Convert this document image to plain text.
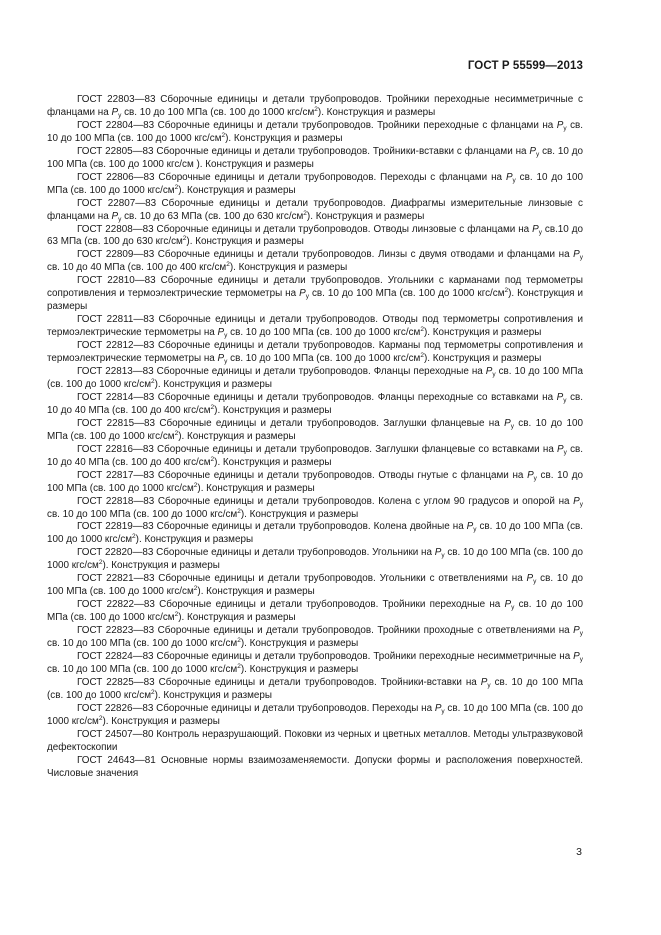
ГОСТ Р 55599—2013

ГОСТ 22803—83 Сборочные единицы и детали трубопроводов. Тройники переходные несимметричные с фланцами на $P_y$ св. 10 до 100 МПа (св. 100 до 1000 кгс/$см^2$). Конструкция и размеры

ГОСТ 22804—83 Сборочные единицы и детали трубопроводов. Тройники переходные с фланцами на $P_y$ св. 10 до 100 МПа (св. 100 до 1000 кгс/$см^2$). Конструкция и размеры

ГОСТ 22805—83 Сборочные единицы и детали трубопроводов. Тройники-вставки с фланцами на $P_y$ св. 10 до 100 МПа (св. 100 до 1000 кгс/см ). Конструкция и размеры

ГОСТ 22806—83 Сборочные единицы и детали трубопроводов. Переходы с фланцами на $P_y$ св. 10 до 100 МПа (св. 100 до 1000 кгс/$см^2$). Конструкция и размеры

ГОСТ 22807—83 Сборочные единицы и детали трубопроводов. Диафрагмы измерительные линзовые с фланцами на $P_y$ св. 10 до 63 МПа (св. 100 до 630 кгс/$см^2$). Конструкция и размеры

ГОСТ 22808—83 Сборочные единицы и детали трубопроводов. Отводы линзовые с фланцами на $P_y$ св.10 до 63 МПа (св. 100 до 630 кгс/$см^2$). Конструкция и размеры

ГОСТ 22809—83 Сборочные единицы и детали трубопроводов. Линзы с двумя отводами и фланцами на $P_y$ св. 10 до 40 МПа (св. 100 до 400 кгс/$см^2$). Конструкция и размеры

ГОСТ 22810—83 Сборочные единицы и детали трубопроводов. Угольники с карманами под термометры сопротивления и термоэлектрические термометры на $P_y$ св. 10 до 100 МПа (св. 100 до 1000 кгс/$см^2$). Конструкция и размеры

ГОСТ 22811—83 Сборочные единицы и детали трубопроводов. Отводы под термометры сопротивления и термоэлектрические термометры на $P_y$ св. 10 до 100 МПа (св. 100 до 1000 кгс/$см^2$). Конструкция и размеры

ГОСТ 22812—83 Сборочные единицы и детали трубопроводов. Карманы под термометры сопротивления и термоэлектрические термометры на $P_y$ св. 10 до 100 МПа (св. 100 до 1000 кгс/$см^2$). Конструкция и размеры

ГОСТ 22813—83 Сборочные единицы и детали трубопроводов. Фланцы переходные на $P_y$ св. 10 до 100 МПа (св. 100 до 1000 кгс/$см^2$). Конструкция и размеры

ГОСТ 22814—83 Сборочные единицы и детали трубопроводов. Фланцы переходные со вставками на $P_y$ св. 10 до 40 МПа (св. 100 до 400 кгс/$см^2$). Конструкция и размеры

ГОСТ 22815—83 Сборочные единицы и детали трубопроводов. Заглушки фланцевые на $P_y$ св. 10 до 100 МПа (св. 100 до 1000 кгс/$см^2$). Конструкция и размеры

ГОСТ 22816—83 Сборочные единицы и детали трубопроводов. Заглушки фланцевые со вставками на $P_y$ св. 10 до 40 МПа (св. 100 до 400 кгс/$см^2$). Конструкция и размеры

ГОСТ 22817—83 Сборочные единицы и детали трубопроводов. Отводы гнутые с фланцами на $P_y$ св. 10 до 100 МПа (св. 100 до 1000 кгс/$см^2$). Конструкция и размеры

ГОСТ 22818—83 Сборочные единицы и детали трубопроводов. Колена с углом 90 градусов и опорой на $P_y$ св. 10 до 100 МПа (св. 100 до 1000 кгс/$см^2$). Конструкция и размеры

ГОСТ 22819—83 Сборочные единицы и детали трубопроводов. Колена двойные на $P_y$ св. 10 до 100 МПа (св. 100 до 1000 кгс/$см^2$). Конструкция и размеры

ГОСТ 22820—83 Сборочные единицы и детали трубопроводов. Угольники на $P_y$ св. 10 до 100 МПа (св. 100 до 1000 кгс/$см^2$). Конструкция и размеры

ГОСТ 22821—83 Сборочные единицы и детали трубопроводов. Угольники с ответвлениями на $P_y$ св. 10 до 100 МПа (св. 100 до 1000 кгс/$см^2$). Конструкция и размеры

ГОСТ 22822—83 Сборочные единицы и детали трубопроводов. Тройники переходные на $P_y$ св. 10 до 100 МПа (св. 100 до 1000 кгс/$см^2$). Конструкция и размеры

ГОСТ 22823—83 Сборочные единицы и детали трубопроводов. Тройники проходные с ответвлениями на $P_y$ св. 10 до 100 МПа (св. 100 до 1000 кгс/$см^2$). Конструкция и размеры

ГОСТ 22824—83 Сборочные единицы и детали трубопроводов. Тройники переходные несимметричные на $P_y$ св. 10 до 100 МПа (св. 100 до 1000 кгс/$см^2$). Конструкция и размеры

ГОСТ 22825—83 Сборочные единицы и детали трубопроводов. Тройники-вставки на $P_y$ св. 10 до 100 МПа (св. 100 до 1000 кгс/$см^2$). Конструкция и размеры

ГОСТ 22826—83 Сборочные единицы и детали трубопроводов. Переходы на $P_y$ св. 10 до 100 МПа (св. 100 до 1000 кгс/$см^2$). Конструкция и размеры

ГОСТ 24507—80 Контроль неразрушающий. Поковки из черных и цветных металлов. Методы ультразвуковой дефектоскопии

ГОСТ 24643—81 Основные нормы взаимозаменяемости. Допуски формы и расположения поверхностей. Числовые значения

3
